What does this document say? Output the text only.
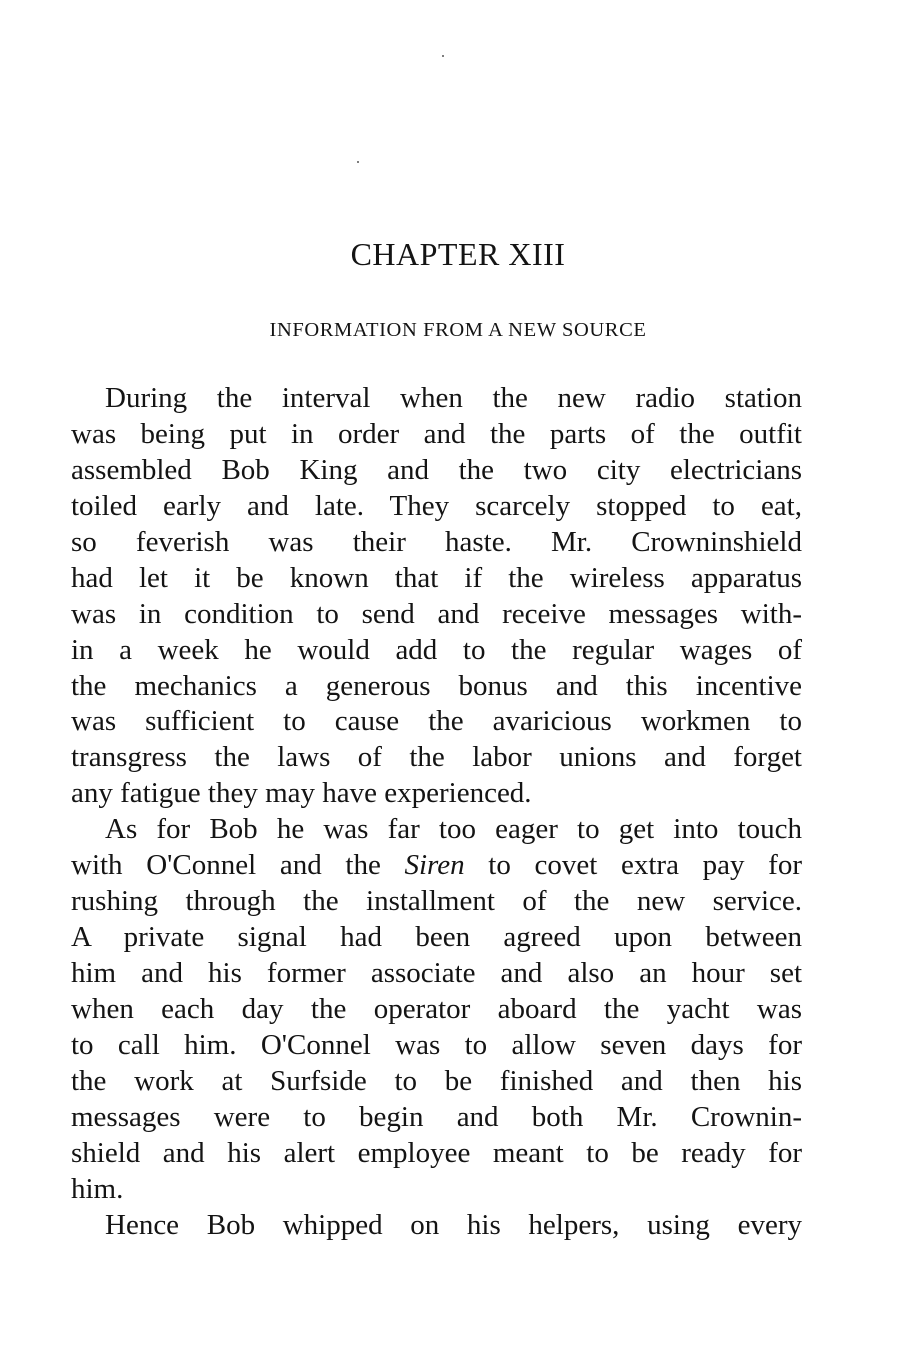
CHAPTER XIII
INFORMATION FROM A NEW SOURCE
During the interval when the new radio station
was being put in order and the parts of the outfit
assembled Bob King and the two city electricians
toiled early and late. They scarcely stopped to eat,
so feverish was their haste. Mr. Crowninshield
had let it be known that if the wireless apparatus
was in condition to send and receive messages with-
in a week he would add to the regular wages of
the mechanics a generous bonus and this incentive
was sufficient to cause the avaricious workmen to
transgress the laws of the labor unions and forget
any fatigue they may have experienced.
As for Bob he was far too eager to get into touch
with O'Connel and the Siren to covet extra pay for
rushing through the installment of the new service.
A private signal had been agreed upon between
him and his former associate and also an hour set
when each day the operator aboard the yacht was
to call him. O'Connel was to allow seven days for
the work at Surfside to be finished and then his
messages were to begin and both Mr. Crownin-
shield and his alert employee meant to be ready for
him.
Hence Bob whipped on his helpers, using every
